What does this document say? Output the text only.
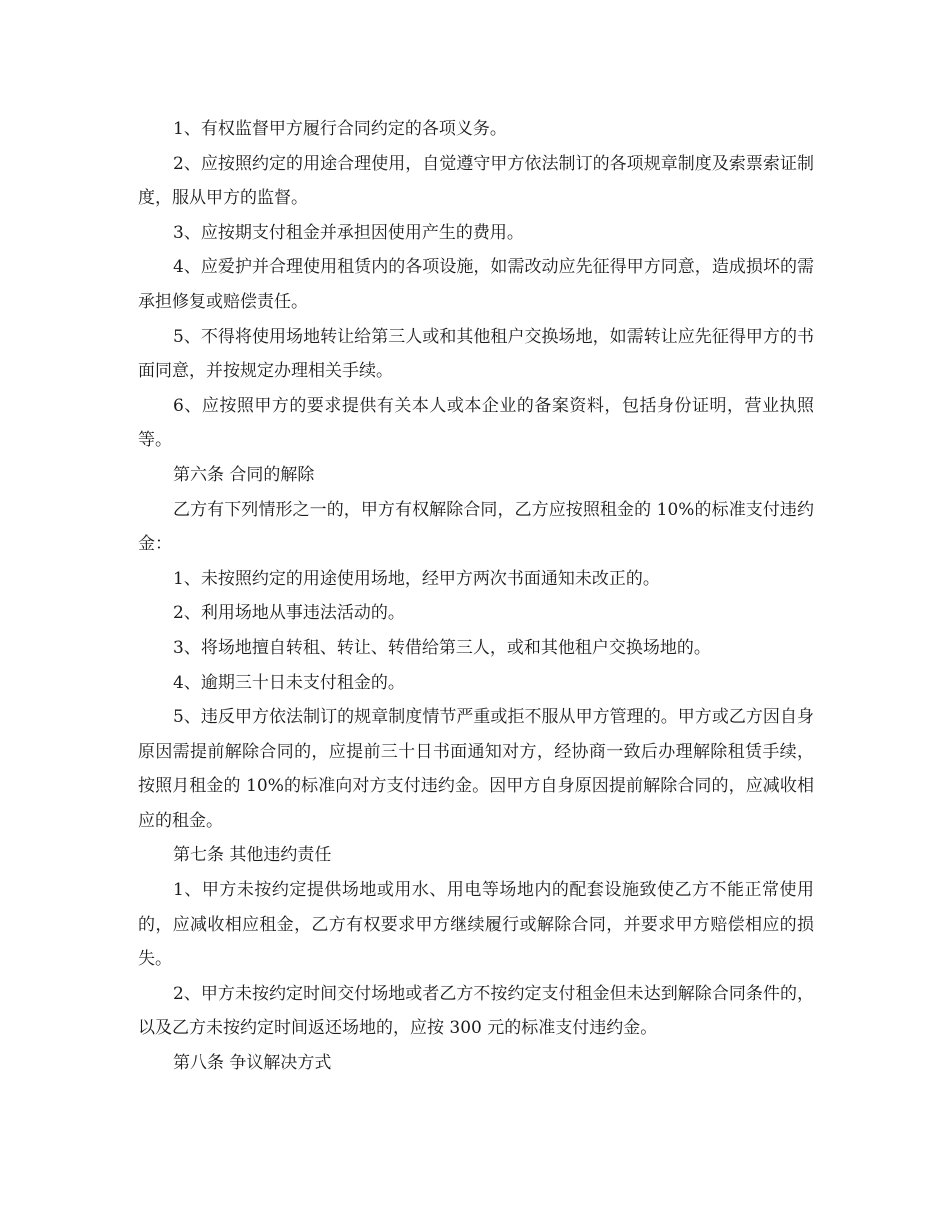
1、有权监督甲方履行合同约定的各项义务。

2、应按照约定的用途合理使用，自觉遵守甲方依法制订的各项规章制度及索票索证制度，服从甲方的监督。

3、应按期支付租金并承担因使用产生的费用。

4、应爱护并合理使用租赁内的各项设施，如需改动应先征得甲方同意，造成损坏的需承担修复或赔偿责任。

5、不得将使用场地转让给第三人或和其他租户交换场地，如需转让应先征得甲方的书面同意，并按规定办理相关手续。

6、应按照甲方的要求提供有关本人或本企业的备案资料，包括身份证明，营业执照等。

第六条 合同的解除

乙方有下列情形之一的，甲方有权解除合同，乙方应按照租金的 10%的标准支付违约金：

1、未按照约定的用途使用场地，经甲方两次书面通知未改正的。

2、利用场地从事违法活动的。

3、将场地擅自转租、转让、转借给第三人，或和其他租户交换场地的。

4、逾期三十日未支付租金的。

5、违反甲方依法制订的规章制度情节严重或拒不服从甲方管理的。甲方或乙方因自身原因需提前解除合同的，应提前三十日书面通知对方，经协商一致后办理解除租赁手续，按照月租金的 10%的标准向对方支付违约金。因甲方自身原因提前解除合同的，应减收相应的租金。

第七条 其他违约责任

1、甲方未按约定提供场地或用水、用电等场地内的配套设施致使乙方不能正常使用的，应减收相应租金，乙方有权要求甲方继续履行或解除合同，并要求甲方赔偿相应的损失。

2、甲方未按约定时间交付场地或者乙方不按约定支付租金但未达到解除合同条件的，以及乙方未按约定时间返还场地的，应按 300 元的标准支付违约金。

第八条 争议解决方式
